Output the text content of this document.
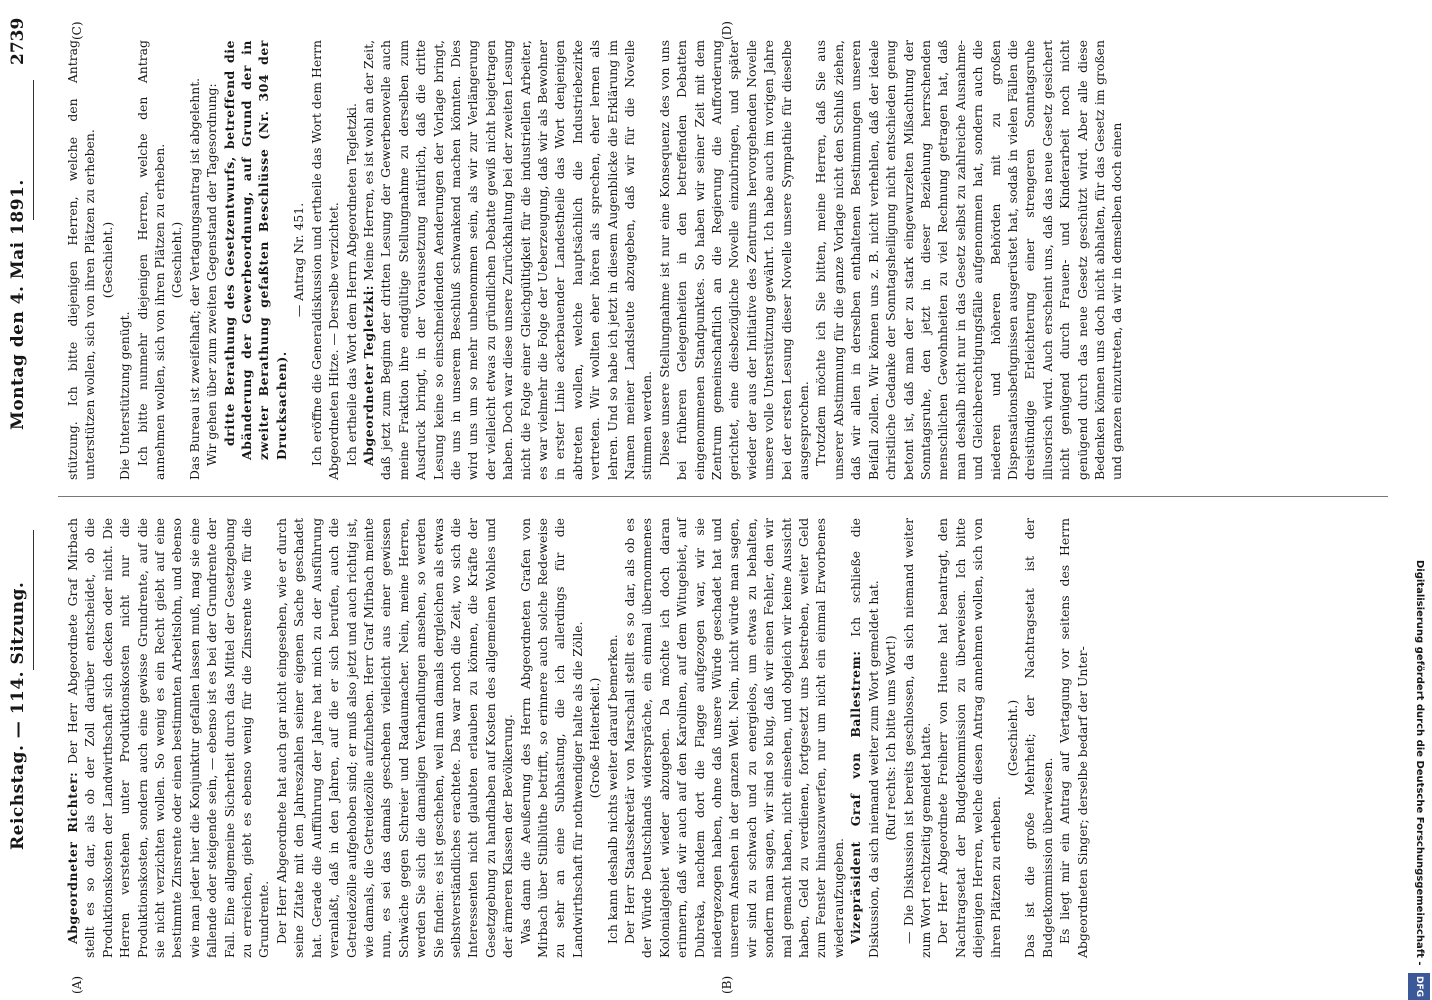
Reichstag. — 114. Sitzung.
Montag den 4. Mai 1891.
2739
(A)	(B)
(C)	(D)

Abgeordneter Richter: Der Herr Abgeordnete Graf Mirbach stellt es so dar, als ob der Zoll darüber entscheidet, ob die Produktionskosten der Landwirthschaft sich decken oder nicht. Die Herren verstehen unter Produktionskosten nicht nur die Produktionskosten, sondern auch eine gewisse Grundrente, auf die sie nicht verzichten wollen. So wenig es ein Recht giebt auf eine bestimmte Zinsrente oder einen bestimmten Arbeitslohn, und ebenso wie man jeder hier die Konjunktur gefallen lassen muß, mag sie eine fallende oder steigende sein, — ebenso ist es bei der Grundrente der Fall. Eine allgemeine Sicherheit durch das Mittel der Gesetzgebung zu erreichen, giebt es ebenso wenig für die Zinsrente wie für die Grundrente. Der Herr Abgeordnete hat auch gar nicht eingesehen, wie er durch seine Zitate mit den Jahreszahlen seiner eigenen Sache geschadet hat. Gerade die Aufführung der Jahre hat mich zu der Ausführung veranlaßt, daß in den Jahren, auf die er sich berufen, auch die Getreidezölle aufgehoben sind; er muß also jetzt und auch richtig ist, wie damals, die Getreidezölle aufzuheben. Herr Graf Mirbach meinte nun, es sei das damals geschehen vielleicht aus einer gewissen Schwäche gegen Schreier und Radaumacher. Nein, meine Herren, werden Sie sich die damaligen Verhandlungen ansehen, so werden Sie finden: es ist geschehen, weil man damals dergleichen als etwas selbstverständliches erachtete. Das war noch die Zeit, wo sich die Interessenten nicht glaubten erlauben zu können, die Kräfte der Gesetzgebung zu handhaben auf Kosten des allgemeinen Wohles und der ärmeren Klassen der Bevölkerung. Was dann die Aeußerung des Herrn Abgeordneten Grafen von Mirbach über Stilblüthe betrifft, so erinnere auch solche Redeweise zu sehr an eine Subhastung, die ich allerdings für die Landwirthschaft für nothwendiger halte als die Zölle. (Große Heiterkeit.) Ich kann deshalb nichts weiter darauf bemerken. Der Herr Staatssekretär von Marschall stellt es so dar, als ob es der Würde Deutschlands widerspräche, ein einmal übernommenes Kolonialgebiet wieder abzugeben. Da möchte ich doch daran erinnern, daß wir auch auf den Karolinen, auf dem Witugebiet, auf Dubreka, nachdem dort die Flagge aufgezogen war, wir sie niedergezogen haben, ohne daß unsere Würde geschadet hat und unserem Ansehen in der ganzen Welt. Nein, nicht würde man sagen, wir sind zu schwach und zu energielos, um etwas zu behalten, sondern man sagen, wir sind so klug, daß wir einen Fehler, den wir mal gemacht haben, nicht einsehen, und obgleich wir keine Aussicht haben, Geld zu verdienen, fortgesetzt uns bestreben, weiter Geld zum Fenster hinauszuwerfen, nur um nicht ein einmal Erworbenes wiederaufzugeben. Vizepräsident Graf von Ballestrem: Ich schließe die Diskussion, da sich niemand weiter zum Wort gemeldet hat. (Ruf rechts: Ich bitte ums Wort!) — Die Diskussion ist bereits geschlossen, da sich niemand weiter zum Wort rechtzeitig gemeldet hatte. Der Herr Abgeordnete Freiherr von Huene hat beantragt, den Nachtragsetat der Budgetkommission zu überweisen. Ich bitte diejenigen Herren, welche diesen Antrag annehmen wollen, sich von ihren Plätzen zu erheben.

(Geschieht.) Das ist die große Mehrheit; der Nachtragsetat ist der Budgetkommission überwiesen. Es liegt mir ein Antrag auf Vertagung vor seitens des Herrn Abgeordneten Singer; derselbe bedarf der Unter-

stützung. Ich bitte diejenigen Herren, welche den Antrag unterstützen wollen, sich von ihren Plätzen zu erheben. (Geschieht.)

Die Unterstützung genügt. Ich bitte nunmehr diejenigen Herren, welche den Antrag annehmen wollen, sich von ihren Plätzen zu erheben. (Geschieht.) Das Bureau ist zweifelhaft; der Vertagungsantrag ist abgelehnt. Wir gehen über zum zweiten Gegenstand der Tagesordnung: dritte Berathung des Gesetzentwurfs, betreffend die Abänderung der Gewerbeordnung, auf Grund der in zweiter Berathung gefaßten Beschlüsse (Nr. 304 der Drucksachen).

— Antrag Nr. 451. Ich eröffne die Generaldiskussion und ertheile das Wort dem Herrn Abgeordneten Hitze. — Derselbe verzichtet. Ich ertheile das Wort dem Herrn Abgeordneten Tegletzki. Abgeordneter Tegletzki: Meine Herren, es ist wohl an der Zeit, daß jetzt zum Beginn der dritten Lesung der Gewerbenovelle auch meine Fraktion ihre endgültige Stellungnahme zu derselben zum Ausdruck bringt, in der Voraussetzung natürlich, daß die dritte Lesung keine so einschneidenden Aenderungen der Vorlage bringt, die uns in unserem Beschluß schwankend machen könnten. Dies wird uns um so mehr unbenommen sein, als wir zur Verlängerung der vielleicht etwas zu gründlichen Debatte gewiß nicht beigetragen haben. Doch war diese unsere Zurückhaltung bei der zweiten Lesung nicht die Folge einer Gleichgültigkeit für die industriellen Arbeiter, es war vielmehr die Folge der Ueberzeugung, daß wir als Bewohner in erster Linie ackerbauender Landestheile das Wort denjenigen abtreten wollen, welche hauptsächlich die Industriebezirke vertreten. Wir wollten eher hören als sprechen, eher lernen als lehren. Und so habe ich jetzt in diesem Augenblicke die Erklärung im Namen meiner Landsleute abzugeben, daß wir für die Novelle stimmen werden. Diese unsere Stellungnahme ist nur eine Konsequenz des von uns bei früheren Gelegenheiten in den betreffenden Debatten eingenommenen Standpunktes. So haben wir seiner Zeit mit dem Zentrum gemeinschaftlich an die Regierung die Aufforderung gerichtet, eine diesbezügliche Novelle einzubringen, und später wieder der aus der Initiative des Zentrums hervorgehenden Novelle unsere volle Unterstützung gewährt. Ich habe auch im vorigen Jahre bei der ersten Lesung dieser Novelle unsere Sympathie für dieselbe ausgesprochen. Trotzdem möchte ich Sie bitten, meine Herren, daß Sie aus unserer Abstimmung für die ganze Vorlage nicht den Schluß ziehen, daß wir allen in derselben enthaltenen Bestimmungen unseren Beifall zollen. Wir können uns z. B. nicht verhehlen, daß der ideale christliche Gedanke der Sonntagsheiligung nicht entschieden genug betont ist, daß man der zu stark eingewurzelten Mißachtung der Sonntagsruhe, den jetzt in dieser Beziehung herrschenden menschlichen Gewohnheiten zu viel Rechnung getragen hat, daß man deshalb nicht nur in das Gesetz selbst zu zahlreiche Ausnahme- und Gleichberechtigungsfälle aufgenommen hat, sondern auch die niederen und höheren Behörden mit zu großen Dispensationsbefugnissen ausgerüstet hat, sodaß in vielen Fällen die dreistündige Erleichterung einer strengeren Sonntagsruhe illusorisch wird. Auch erscheint uns, daß das neue Gesetz gesichert nicht genügend durch Frauen- und Kinderarbeit noch nicht genügend durch das neue Gesetz geschützt wird. Aber alle diese Bedenken können uns doch nicht abhalten, für das Gesetz im großen und ganzen einzutreten, da wir in demselben doch einen

Digitalisierung gefördert durch die Deutsche Forschungsgemeinschaft - DFG
